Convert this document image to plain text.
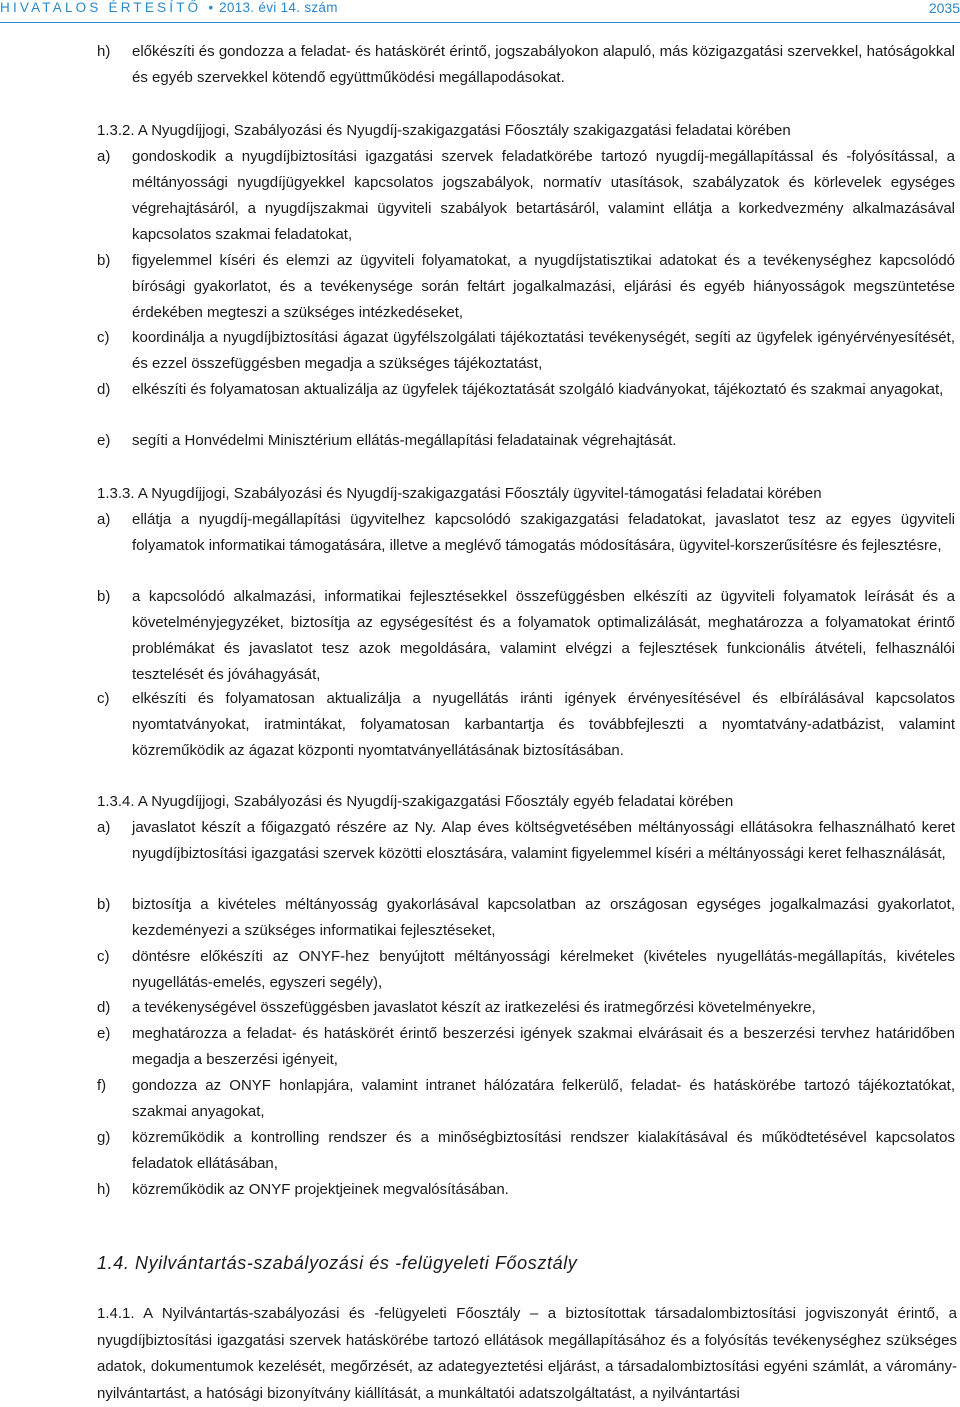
HIVATALOS ÉRTESÍTŐ • 2013. évi 14. szám	2035
h)	előkészíti és gondozza a feladat- és hatáskörét érintő, jogszabályokon alapuló, más közigazgatási szervekkel, hatóságokkal és egyéb szervekkel kötendő együttműködési megállapodásokat.
1.3.2. A Nyugdíjjogi, Szabályozási és Nyugdíj-szakigazgatási Főosztály szakigazgatási feladatai körében
a)	gondoskodik a nyugdíjbiztosítási igazgatási szervek feladatkörébe tartozó nyugdíj-megállapítással és -folyósítással, a méltányossági nyugdíjügyekkel kapcsolatos jogszabályok, normatív utasítások, szabályzatok és körlevelek egységes végrehajtásáról, a nyugdíjszakmai ügyviteli szabályok betartásáról, valamint ellátja a korkedvezmény alkalmazásával kapcsolatos szakmai feladatokat,
b)	figyelemmel kíséri és elemzi az ügyviteli folyamatokat, a nyugdíjstatisztikai adatokat és a tevékenységhez kapcsolódó bírósági gyakorlatot, és a tevékenysége során feltárt jogalkalmazási, eljárási és egyéb hiányosságok megszüntetése érdekében megteszi a szükséges intézkedéseket,
c)	koordinálja a nyugdíjbiztosítási ágazat ügyfélszolgálati tájékoztatási tevékenységét, segíti az ügyfelek igényérvényesítését, és ezzel összefüggésben megadja a szükséges tájékoztatást,
d)	elkészíti és folyamatosan aktualizálja az ügyfelek tájékoztatását szolgáló kiadványokat, tájékoztató és szakmai anyagokat,
e)	segíti a Honvédelmi Minisztérium ellátás-megállapítási feladatainak végrehajtását.
1.3.3. A Nyugdíjjogi, Szabályozási és Nyugdíj-szakigazgatási Főosztály ügyvitel-támogatási feladatai körében
a)	ellátja a nyugdíj-megállapítási ügyvitelhez kapcsolódó szakigazgatási feladatokat, javaslatot tesz az egyes ügyviteli folyamatok informatikai támogatására, illetve a meglévő támogatás módosítására, ügyvitel-korszerűsítésre és fejlesztésre,
b)	a kapcsolódó alkalmazási, informatikai fejlesztésekkel összefüggésben elkészíti az ügyviteli folyamatok leírását és a követelményjegyzéket, biztosítja az egységesítést és a folyamatok optimalizálását, meghatározza a folyamatokat érintő problémákat és javaslatot tesz azok megoldására, valamint elvégzi a fejlesztések funkcionális átvételi, felhasználói tesztelését és jóváhagyását,
c)	elkészíti és folyamatosan aktualizálja a nyugellátás iránti igények érvényesítésével és elbírálásával kapcsolatos nyomtatványokat, iratmintákat, folyamatosan karbantartja és továbbfejleszti a nyomtatvány-adatbázist, valamint közreműködik az ágazat központi nyomtatványellátásának biztosításában.
1.3.4. A Nyugdíjjogi, Szabályozási és Nyugdíj-szakigazgatási Főosztály egyéb feladatai körében
a)	javaslatot készít a főigazgató részére az Ny. Alap éves költségvetésében méltányossági ellátásokra felhasználható keret nyugdíjbiztosítási igazgatási szervek közötti elosztására, valamint figyelemmel kíséri a méltányossági keret felhasználását,
b)	biztosítja a kivételes méltányosság gyakorlásával kapcsolatban az országosan egységes jogalkalmazási gyakorlatot, kezdeményezi a szükséges informatikai fejlesztéseket,
c)	döntésre előkészíti az ONYF-hez benyújtott méltányossági kérelmeket (kivételes nyugellátás-megállapítás, kivételes nyugellátás-emelés, egyszeri segély),
d)	a tevékenységével összefüggésben javaslatot készít az iratkezelési és iratmegőrzési követelményekre,
e)	meghatározza a feladat- és hatáskörét érintő beszerzési igények szakmai elvárásait és a beszerzési tervhez határidőben megadja a beszerzési igényeit,
f)	gondozza az ONYF honlapjára, valamint intranet hálózatára felkerülő, feladat- és hatáskörébe tartozó tájékoztatókat, szakmai anyagokat,
g)	közreműködik a kontrolling rendszer és a minőségbiztosítási rendszer kialakításával és működtetésével kapcsolatos feladatok ellátásában,
h)	közreműködik az ONYF projektjeinek megvalósításában.
1.4. Nyilvántartás-szabályozási és -felügyeleti Főosztály
1.4.1. A Nyilvántartás-szabályozási és -felügyeleti Főosztály – a biztosítottak társadalombiztosítási jogviszonyát érintő, a nyugdíjbiztosítási igazgatási szervek hatáskörébe tartozó ellátások megállapításához és a folyósítás tevékenységhez szükséges adatok, dokumentumok kezelését, megőrzését, az adategyeztetési eljárást, a társadalombiztosítási egyéni számlát, a váromány-nyilvántartást, a hatósági bizonyítvány kiállítását, a munkáltatói adatszolgáltatást, a nyilvántartási
